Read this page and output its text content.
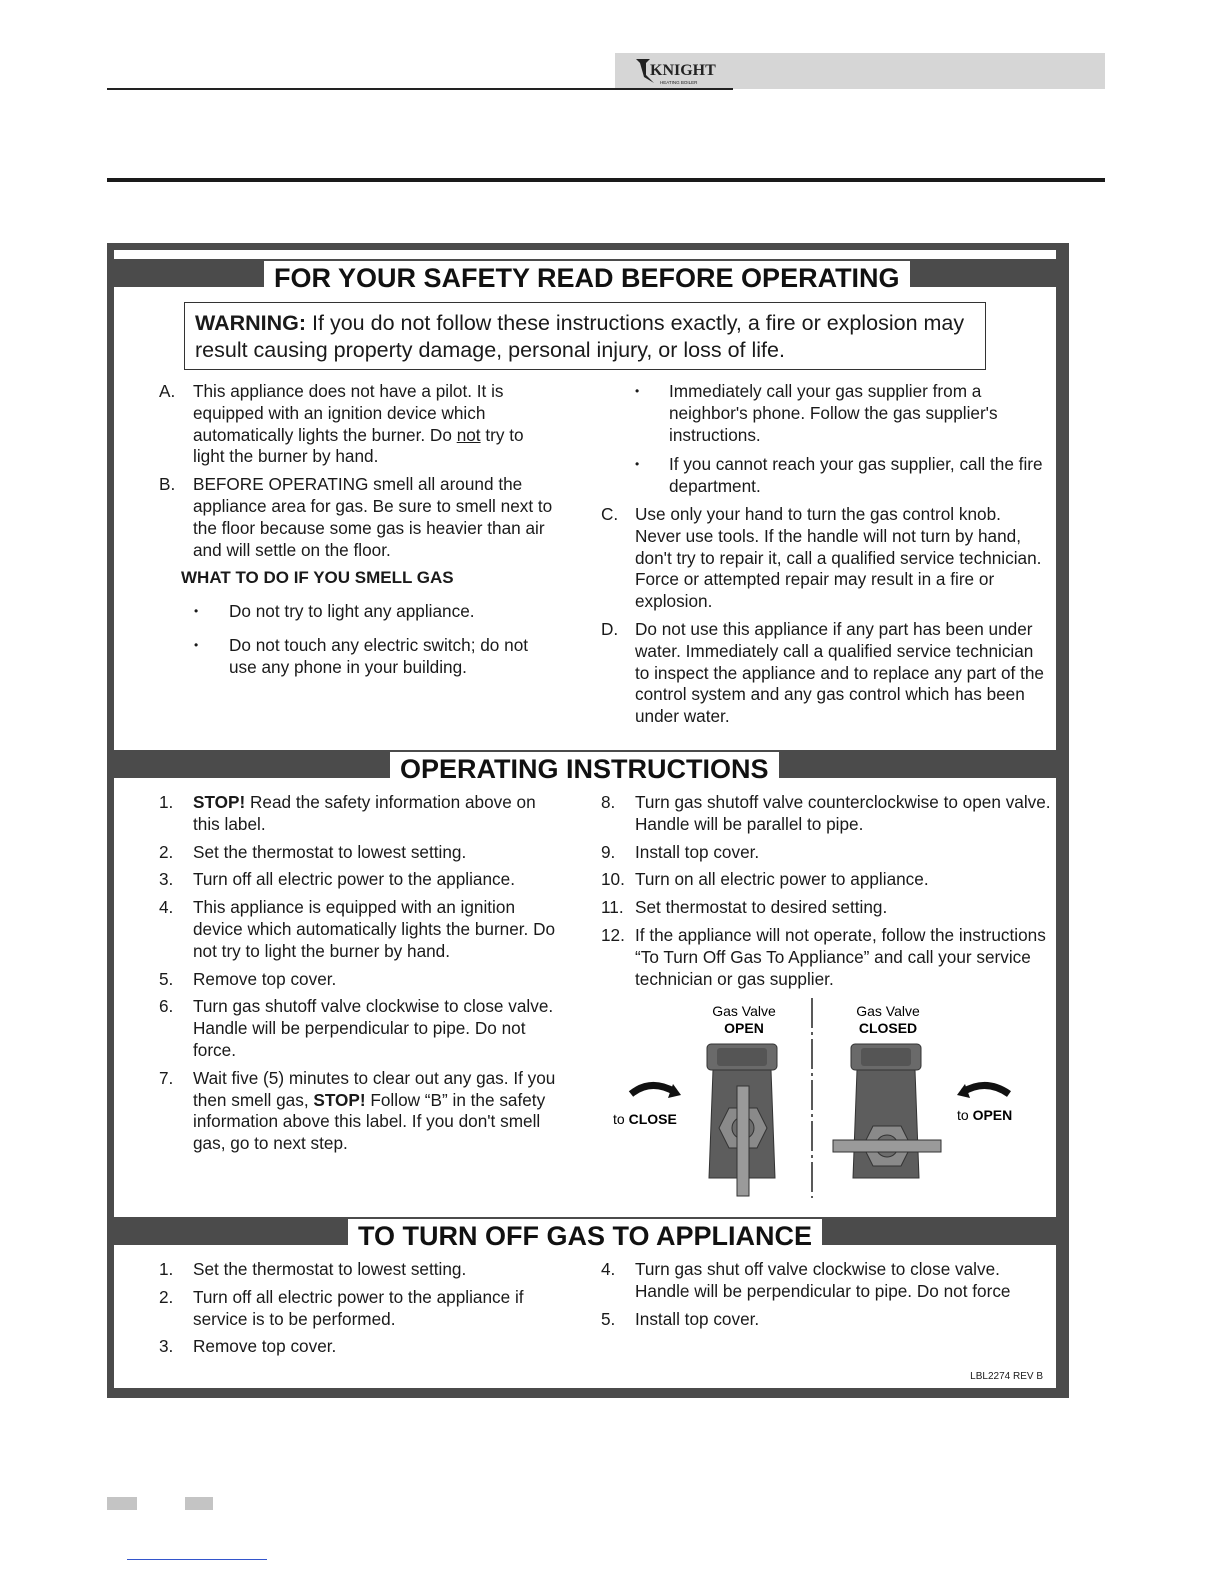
KNIGHT
HEATING BOILER
FOR YOUR SAFETY READ BEFORE OPERATING
WARNING: If you do not follow these instructions exactly, a fire or explosion may result causing property damage, personal injury, or loss of life.
A. This appliance does not have a pilot. It is equipped with an ignition device which automatically lights the burner. Do not try to light the burner by hand.
B. BEFORE OPERATING smell all around the appliance area for gas. Be sure to smell next to the floor because some gas is heavier than air and will settle on the floor.
WHAT TO DO IF YOU SMELL GAS
• Do not try to light any appliance.
• Do not touch any electric switch; do not use any phone in your building.
• Immediately call your gas supplier from a neighbor's phone. Follow the gas supplier's instructions.
• If you cannot reach your gas supplier, call the fire department.
C. Use only your hand to turn the gas control knob. Never use tools. If the handle will not turn by hand, don't try to repair it, call a qualified service technician. Force or attempted repair may result in a fire or explosion.
D. Do not use this appliance if any part has been under water. Immediately call a qualified service technician to inspect the appliance and to replace any part of the control system and any gas control which has been under water.
OPERATING INSTRUCTIONS
1. STOP! Read the safety information above on this label.
2. Set the thermostat to lowest setting.
3. Turn off all electric power to the appliance.
4. This appliance is equipped with an ignition device which automatically lights the burner. Do not try to light the burner by hand.
5. Remove top cover.
6. Turn gas shutoff valve clockwise to close valve. Handle will be perpendicular to pipe. Do not force.
7. Wait five (5) minutes to clear out any gas. If you then smell gas, STOP! Follow “B” in the safety information above this label. If you don't smell gas, go to next step.
8. Turn gas shutoff valve counterclockwise to open valve. Handle will be parallel to pipe.
9. Install top cover.
10. Turn on all electric power to appliance.
11. Set thermostat to desired setting.
12. If the appliance will not operate, follow the instructions “To Turn Off Gas To Appliance” and call your service technician or gas supplier.
Gas Valve
OPEN
to CLOSE
Gas Valve
CLOSED
to OPEN
TO TURN OFF GAS TO APPLIANCE
1. Set the thermostat to lowest setting.
2. Turn off all electric power to the appliance if service is to be performed.
3. Remove top cover.
4. Turn gas shut off valve clockwise to close valve. Handle will be perpendicular to pipe. Do not force
5. Install top cover.
LBL2274 REV B
